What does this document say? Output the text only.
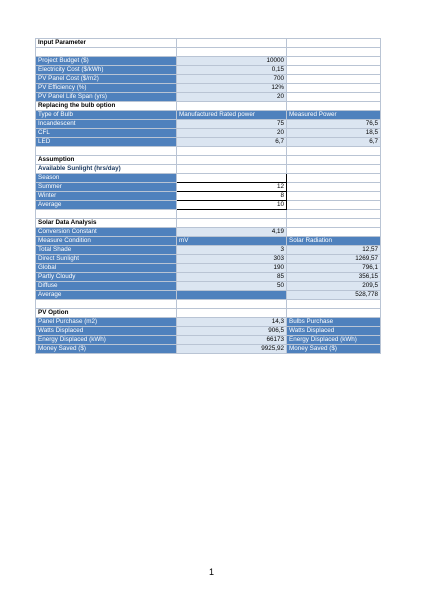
Input Parameter		

Project Budget ($)	10000	
Electricity Cost ($/kWh)	0,15	
PV Panel Cost ($/m2)	700	
PV Efficiency (%)	12%	
PV Panel Life Span (yrs)	20	
Replacing the bulb option		
Type of Bulb	Manufactured Rated power	Measured Power
Incandescent	75	76,5
CFL	20	18,5
LED	6,7	6,7

Assumption		
Available Sunlight (hrs/day)		
Season		
Summer	12	
Winter	8	
Average	10	

Solar Data Analysis		
Conversion Constant	4,19	
Measure Condition	mV	Solar Radiation
Total Shade	3	12,57
Direct Sunlight	303	1269,57
Global	190	796,1
Partly Cloudy	85	356,15
Diffuse	50	209,5
Average		528,778

PV Option		
Panel Purchase (m2)	14,3	Bulbs Purchase
Watts Displaced	906,5	Watts Displaced
Energy Displaced (kWh)	66173	Energy Displaced (kWh)
Money Saved ($)	9925,92	Money Saved ($)
1
